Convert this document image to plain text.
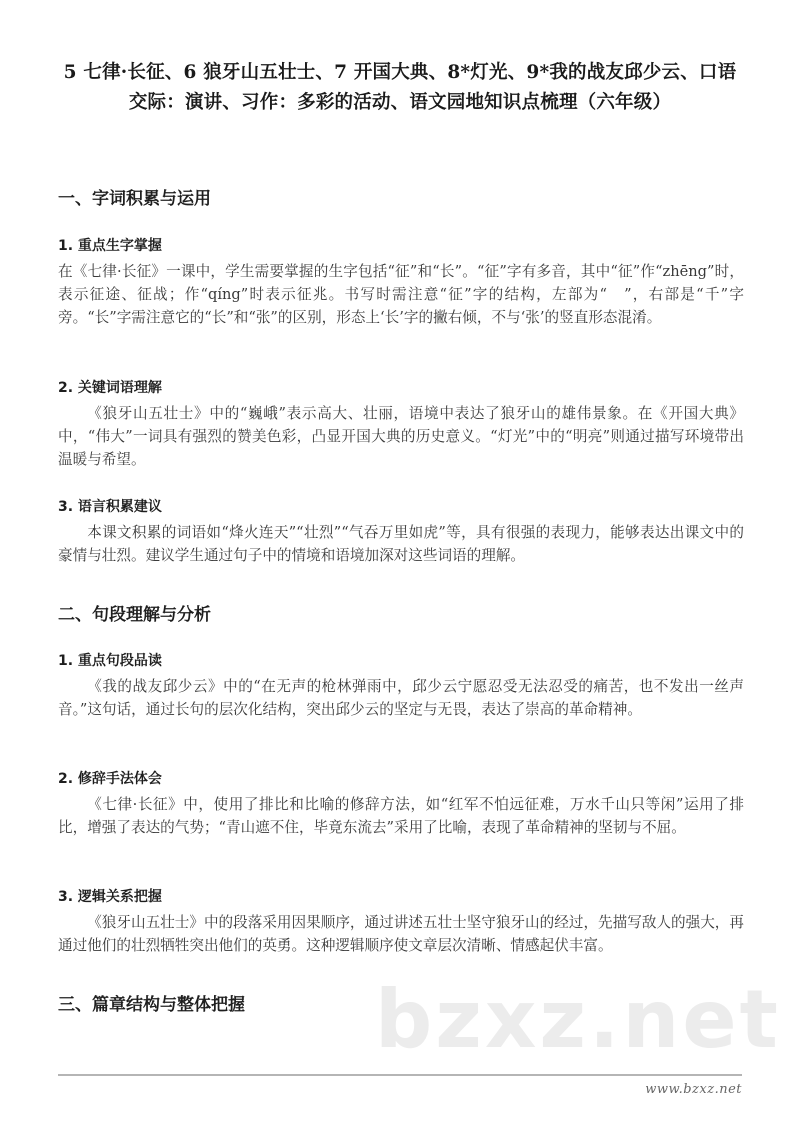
bzxz.net
5 七律·长征、6 狼牙山五壮士、7 开国大典、8*灯光、9*我的战友邱少云、口语交际：演讲、习作：多彩的活动、语文园地知识点梳理（六年级）
一、字词积累与运用
1. 重点生字掌握
在《七律·长征》一课中，学生需要掌握的生字包括“征”和“长”。“征”字有多音，其中“征”作“zhēng”时，表示征途、征战；作“qíng”时表示征兆。书写时需注意“征”字的结构，左部为“　”，右部是“千”字旁。“长”字需注意它的“长”和“张”的区别，形态上‘长’字的撇右倾，不与‘张’的竖直形态混淆。
2. 关键词语理解
《狼牙山五壮士》中的“巍峨”表示高大、壮丽，语境中表达了狼牙山的雄伟景象。在《开国大典》中，“伟大”一词具有强烈的赞美色彩，凸显开国大典的历史意义。“灯光”中的“明亮”则通过描写环境带出温暖与希望。
3. 语言积累建议
本课文积累的词语如“烽火连天”“壮烈”“气吞万里如虎”等，具有很强的表现力，能够表达出课文中的豪情与壮烈。建议学生通过句子中的情境和语境加深对这些词语的理解。
二、句段理解与分析
1. 重点句段品读
《我的战友邱少云》中的“在无声的枪林弹雨中，邱少云宁愿忍受无法忍受的痛苦，也不发出一丝声音。”这句话，通过长句的层次化结构，突出邱少云的坚定与无畏，表达了崇高的革命精神。
2. 修辞手法体会
《七律·长征》中，使用了排比和比喻的修辞方法，如“红军不怕远征难，万水千山只等闲”运用了排比，增强了表达的气势；“青山遮不住，毕竟东流去”采用了比喻，表现了革命精神的坚韧与不屈。
3. 逻辑关系把握
《狼牙山五壮士》中的段落采用因果顺序，通过讲述五壮士坚守狼牙山的经过，先描写敌人的强大，再通过他们的壮烈牺牲突出他们的英勇。这种逻辑顺序使文章层次清晰、情感起伏丰富。
三、篇章结构与整体把握
www.bzxz.net
